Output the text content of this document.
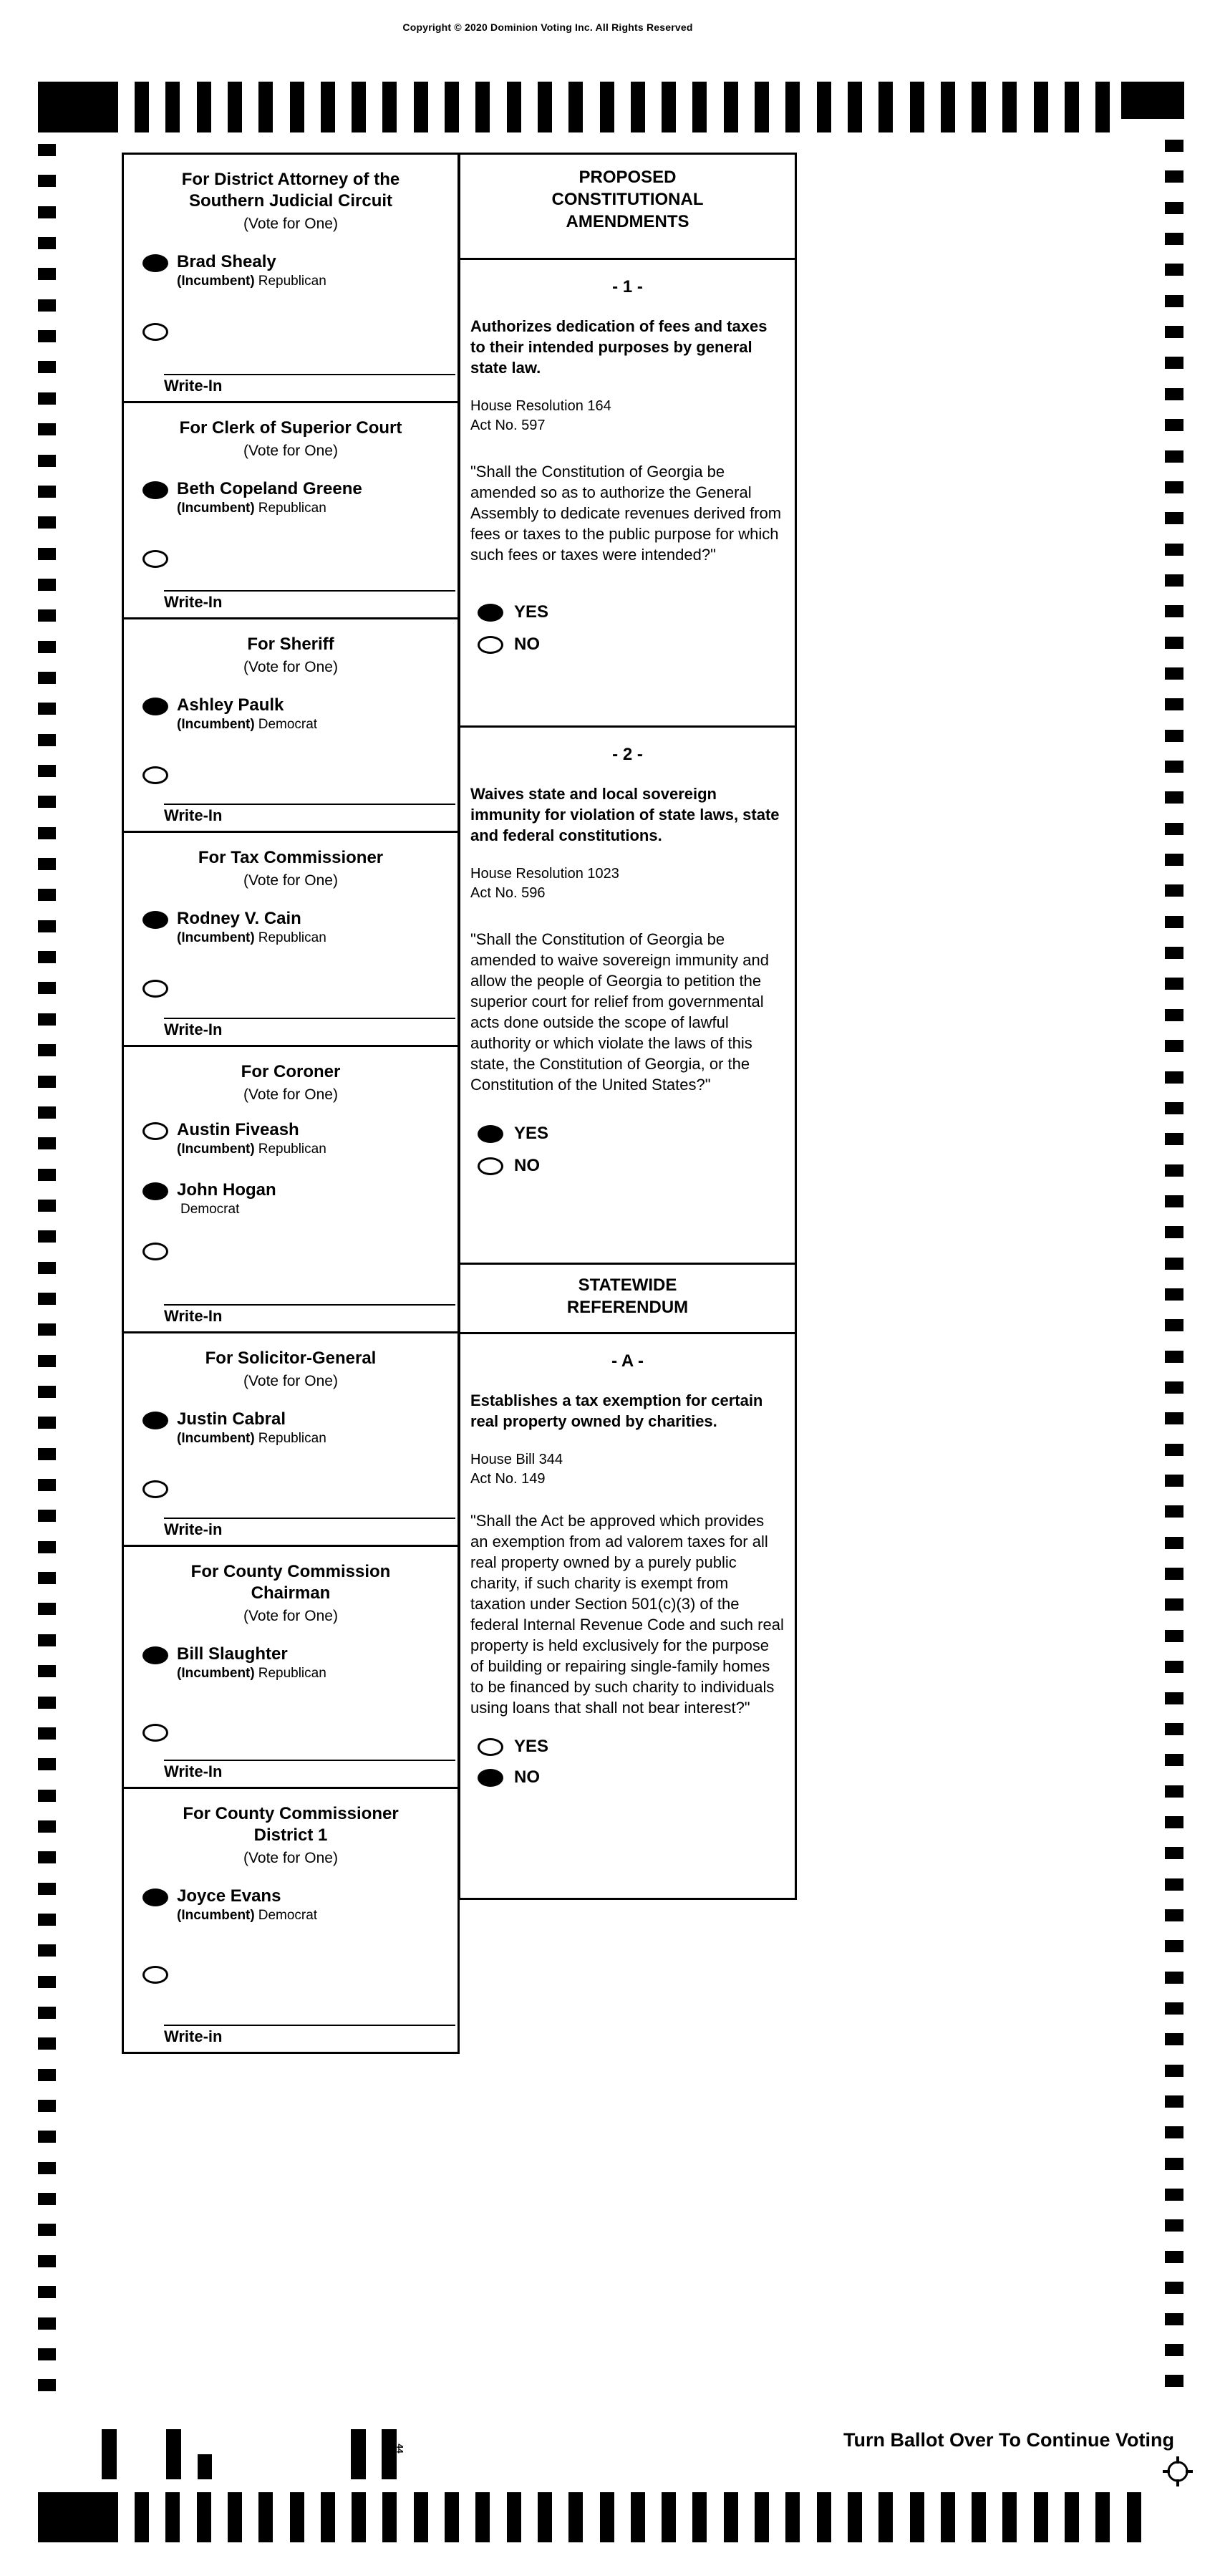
Copyright © 2020 Dominion Voting Inc. All Rights Reserved
For District Attorney of the
Southern Judicial Circuit
(Vote for One)
Brad Shealy
(Incumbent) Republican
Write-In
For Clerk of Superior Court
(Vote for One)
Beth Copeland Greene
(Incumbent) Republican
Write-In
For Sheriff
(Vote for One)
Ashley Paulk
(Incumbent) Democrat
Write-In
For Tax Commissioner
(Vote for One)
Rodney V. Cain
(Incumbent) Republican
Write-In
For Coroner
(Vote for One)
Austin Fiveash
(Incumbent) Republican
John Hogan
Democrat
Write-In
For Solicitor-General
(Vote for One)
Justin Cabral
(Incumbent) Republican
Write-in
For County Commission
Chairman
(Vote for One)
Bill Slaughter
(Incumbent) Republican
Write-In
For County Commissioner
District 1
(Vote for One)
Joyce Evans
(Incumbent) Democrat
Write-in
PROPOSED
CONSTITUTIONAL
AMENDMENTS
- 1 -
Authorizes dedication of fees and taxes to their intended purposes by general state law.
House Resolution 164
Act No. 597
"Shall the Constitution of Georgia be amended so as to authorize the General Assembly to dedicate revenues derived from fees or taxes to the public purpose for which such fees or taxes were intended?"
YES
NO
- 2 -
Waives state and local sovereign immunity for violation of state laws, state and federal constitutions.
House Resolution 1023
Act No. 596
"Shall the Constitution of Georgia be amended to waive sovereign immunity and allow the people of Georgia to petition the superior court for relief from governmental acts done outside the scope of lawful authority or which violate the laws of this state, the Constitution of Georgia, or the Constitution of the United States?"
YES
NO
STATEWIDE
REFERENDUM
- A -
Establishes a tax exemption for certain real property owned by charities.
House Bill 344
Act No. 149
"Shall the Act be approved which provides an exemption from ad valorem taxes for all real property owned by a purely public charity, if such charity is exempt from taxation under Section 501(c)(3) of the federal Internal Revenue Code and such real property is held exclusively for the purpose of building or repairing single-family homes to be financed by such charity to individuals using loans that shall not bear interest?"
YES
NO
44	Turn Ballot Over To Continue Voting
